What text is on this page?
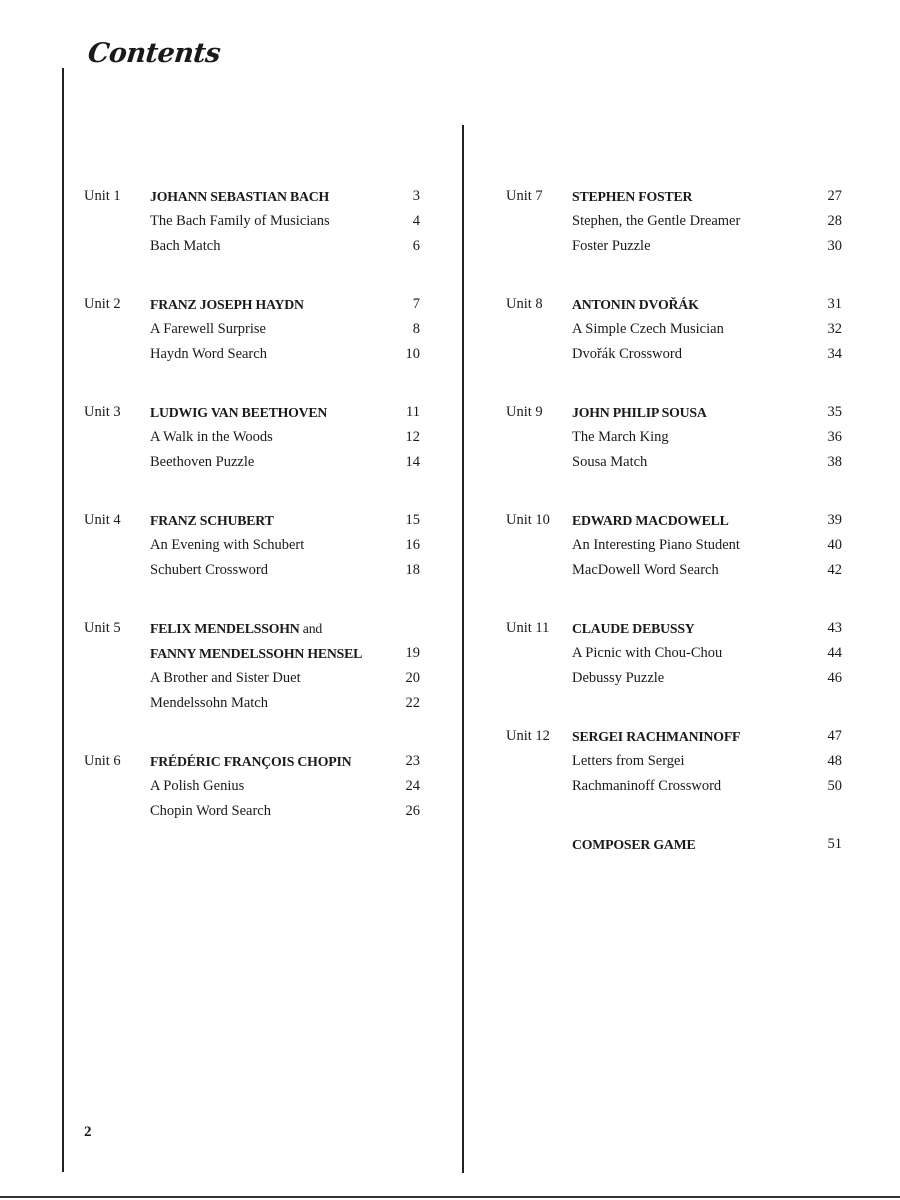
Contents
Unit 1 JOHANN SEBASTIAN BACH	3
The Bach Family of Musicians	4
Bach Match	6
Unit 2 FRANZ JOSEPH HAYDN	7
A Farewell Surprise	8
Haydn Word Search	10
Unit 3 LUDWIG VAN BEETHOVEN	11
A Walk in the Woods	12
Beethoven Puzzle	14
Unit 4 FRANZ SCHUBERT	15
An Evening with Schubert	16
Schubert Crossword	18
Unit 5 FELIX MENDELSSOHN and
FANNY MENDELSSOHN HENSEL	19
A Brother and Sister Duet	20
Mendelssohn Match	22
Unit 6 FRÉDÉRIC FRANÇOIS CHOPIN	23
A Polish Genius	24
Chopin Word Search	26
Unit 7 STEPHEN FOSTER	27
Stephen, the Gentle Dreamer	28
Foster Puzzle	30
Unit 8 ANTONIN DVOŘÁK	31
A Simple Czech Musician	32
Dvořák Crossword	34
Unit 9 JOHN PHILIP SOUSA	35
The March King	36
Sousa Match	38
Unit 10 EDWARD MACDOWELL	39
An Interesting Piano Student	40
MacDowell Word Search	42
Unit 11 CLAUDE DEBUSSY	43
A Picnic with Chou-Chou	44
Debussy Puzzle	46
Unit 12 SERGEI RACHMANINOFF	47
Letters from Sergei	48
Rachmaninoff Crossword	50
COMPOSER GAME	51
2
